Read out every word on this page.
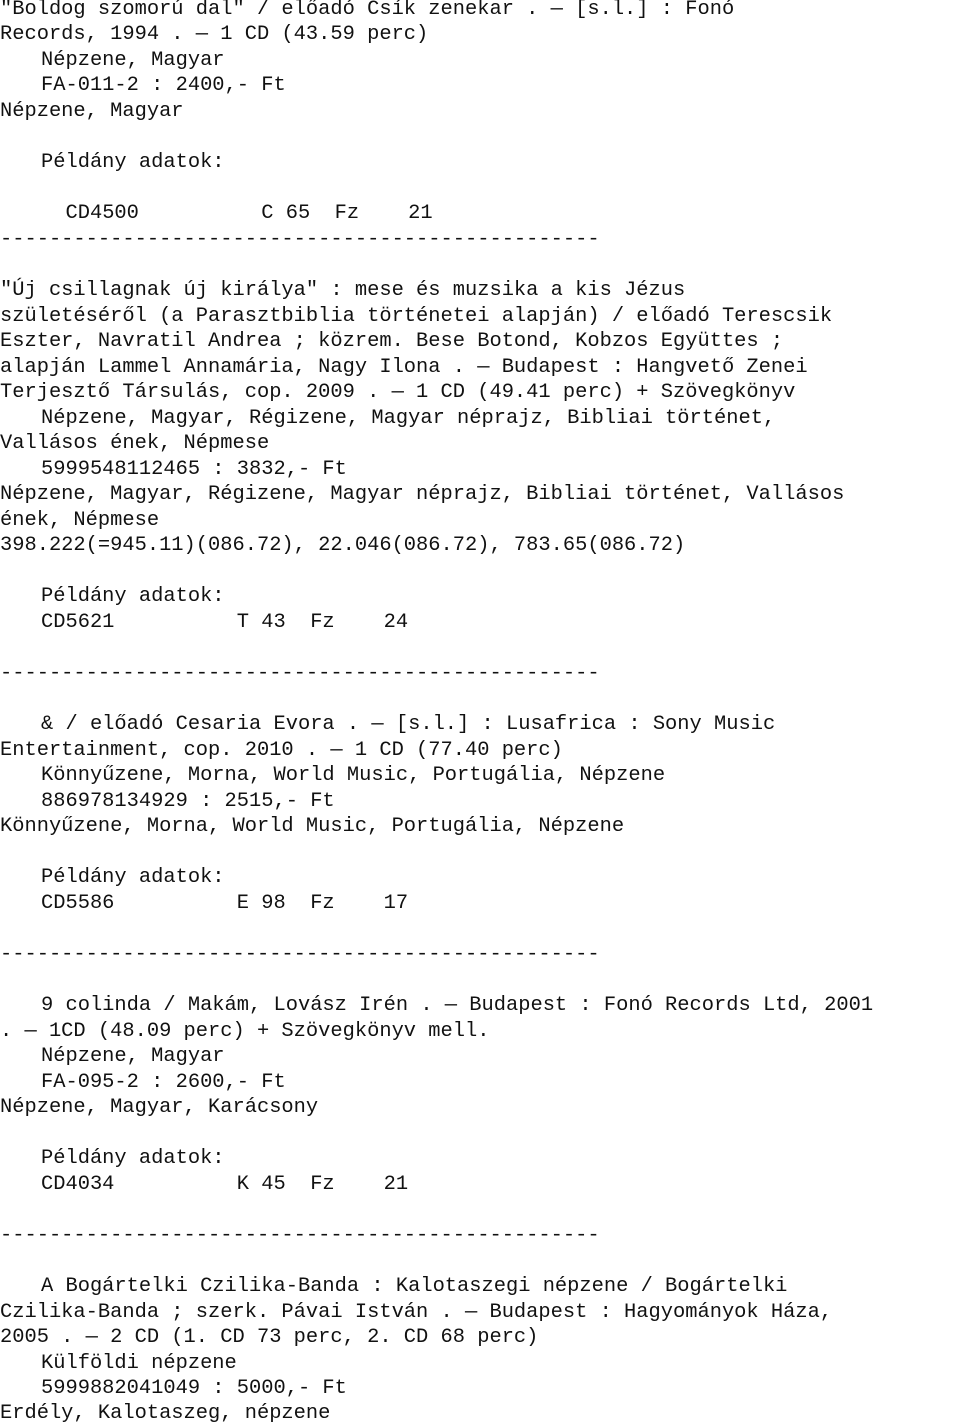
"Boldog szomorú dal" / előadó Csík zenekar . — [s.l.] : Fonó
Records, 1994 . — 1 CD (43.59 perc)
Népzene, Magyar
FA-011-2 : 2400,- Ft
Népzene, Magyar
Példány adatok:

CD4500          C 65  Fz    21

-------------------------------------------------
"Új csillagnak új királya" : mese és muzsika a kis Jézus
születéséről (a Parasztbiblia történetei alapján) / előadó Terescsik
Eszter, Navratil Andrea ; közrem. Bese Botond, Kobzos Együttes ;
alapján Lammel Annamária, Nagy Ilona . — Budapest : Hangvető Zenei
Terjesztő Társulás, cop. 2009 . — 1 CD (49.41 perc) + Szövegkönyv
Népzene, Magyar, Régizene, Magyar néprajz, Bibliai történet,
Vallásos ének, Népmese
5999548112465 : 3832,- Ft
Népzene, Magyar, Régizene, Magyar néprajz, Bibliai történet, Vallásos
ének, Népmese
398.222(=945.11)(086.72), 22.046(086.72), 783.65(086.72)
Példány adatok:
CD5621          T 43  Fz    24
-------------------------------------------------
& / előadó Cesaria Evora . — [s.l.] : Lusafrica : Sony Music
Entertainment, cop. 2010 . — 1 CD (77.40 perc)
Könnyűzene, Morna, World Music, Portugália, Népzene
886978134929 : 2515,- Ft
Könnyűzene, Morna, World Music, Portugália, Népzene
Példány adatok:
CD5586          E 98  Fz    17
-------------------------------------------------
9 colinda / Makám, Lovász Irén . — Budapest : Fonó Records Ltd, 2001
. — 1CD (48.09 perc) + Szövegkönyv mell.
Népzene, Magyar
FA-095-2 : 2600,- Ft
Népzene, Magyar, Karácsony
Példány adatok:
CD4034          K 45  Fz    21
-------------------------------------------------
A Bogártelki Czilika-Banda : Kalotaszegi népzene / Bogártelki
Czilika-Banda ; szerk. Pávai István . — Budapest : Hagyományok Háza,
2005 . — 2 CD (1. CD 73 perc, 2. CD 68 perc)
Külföldi népzene
5999882041049 : 5000,- Ft
Erdély, Kalotaszeg, népzene
